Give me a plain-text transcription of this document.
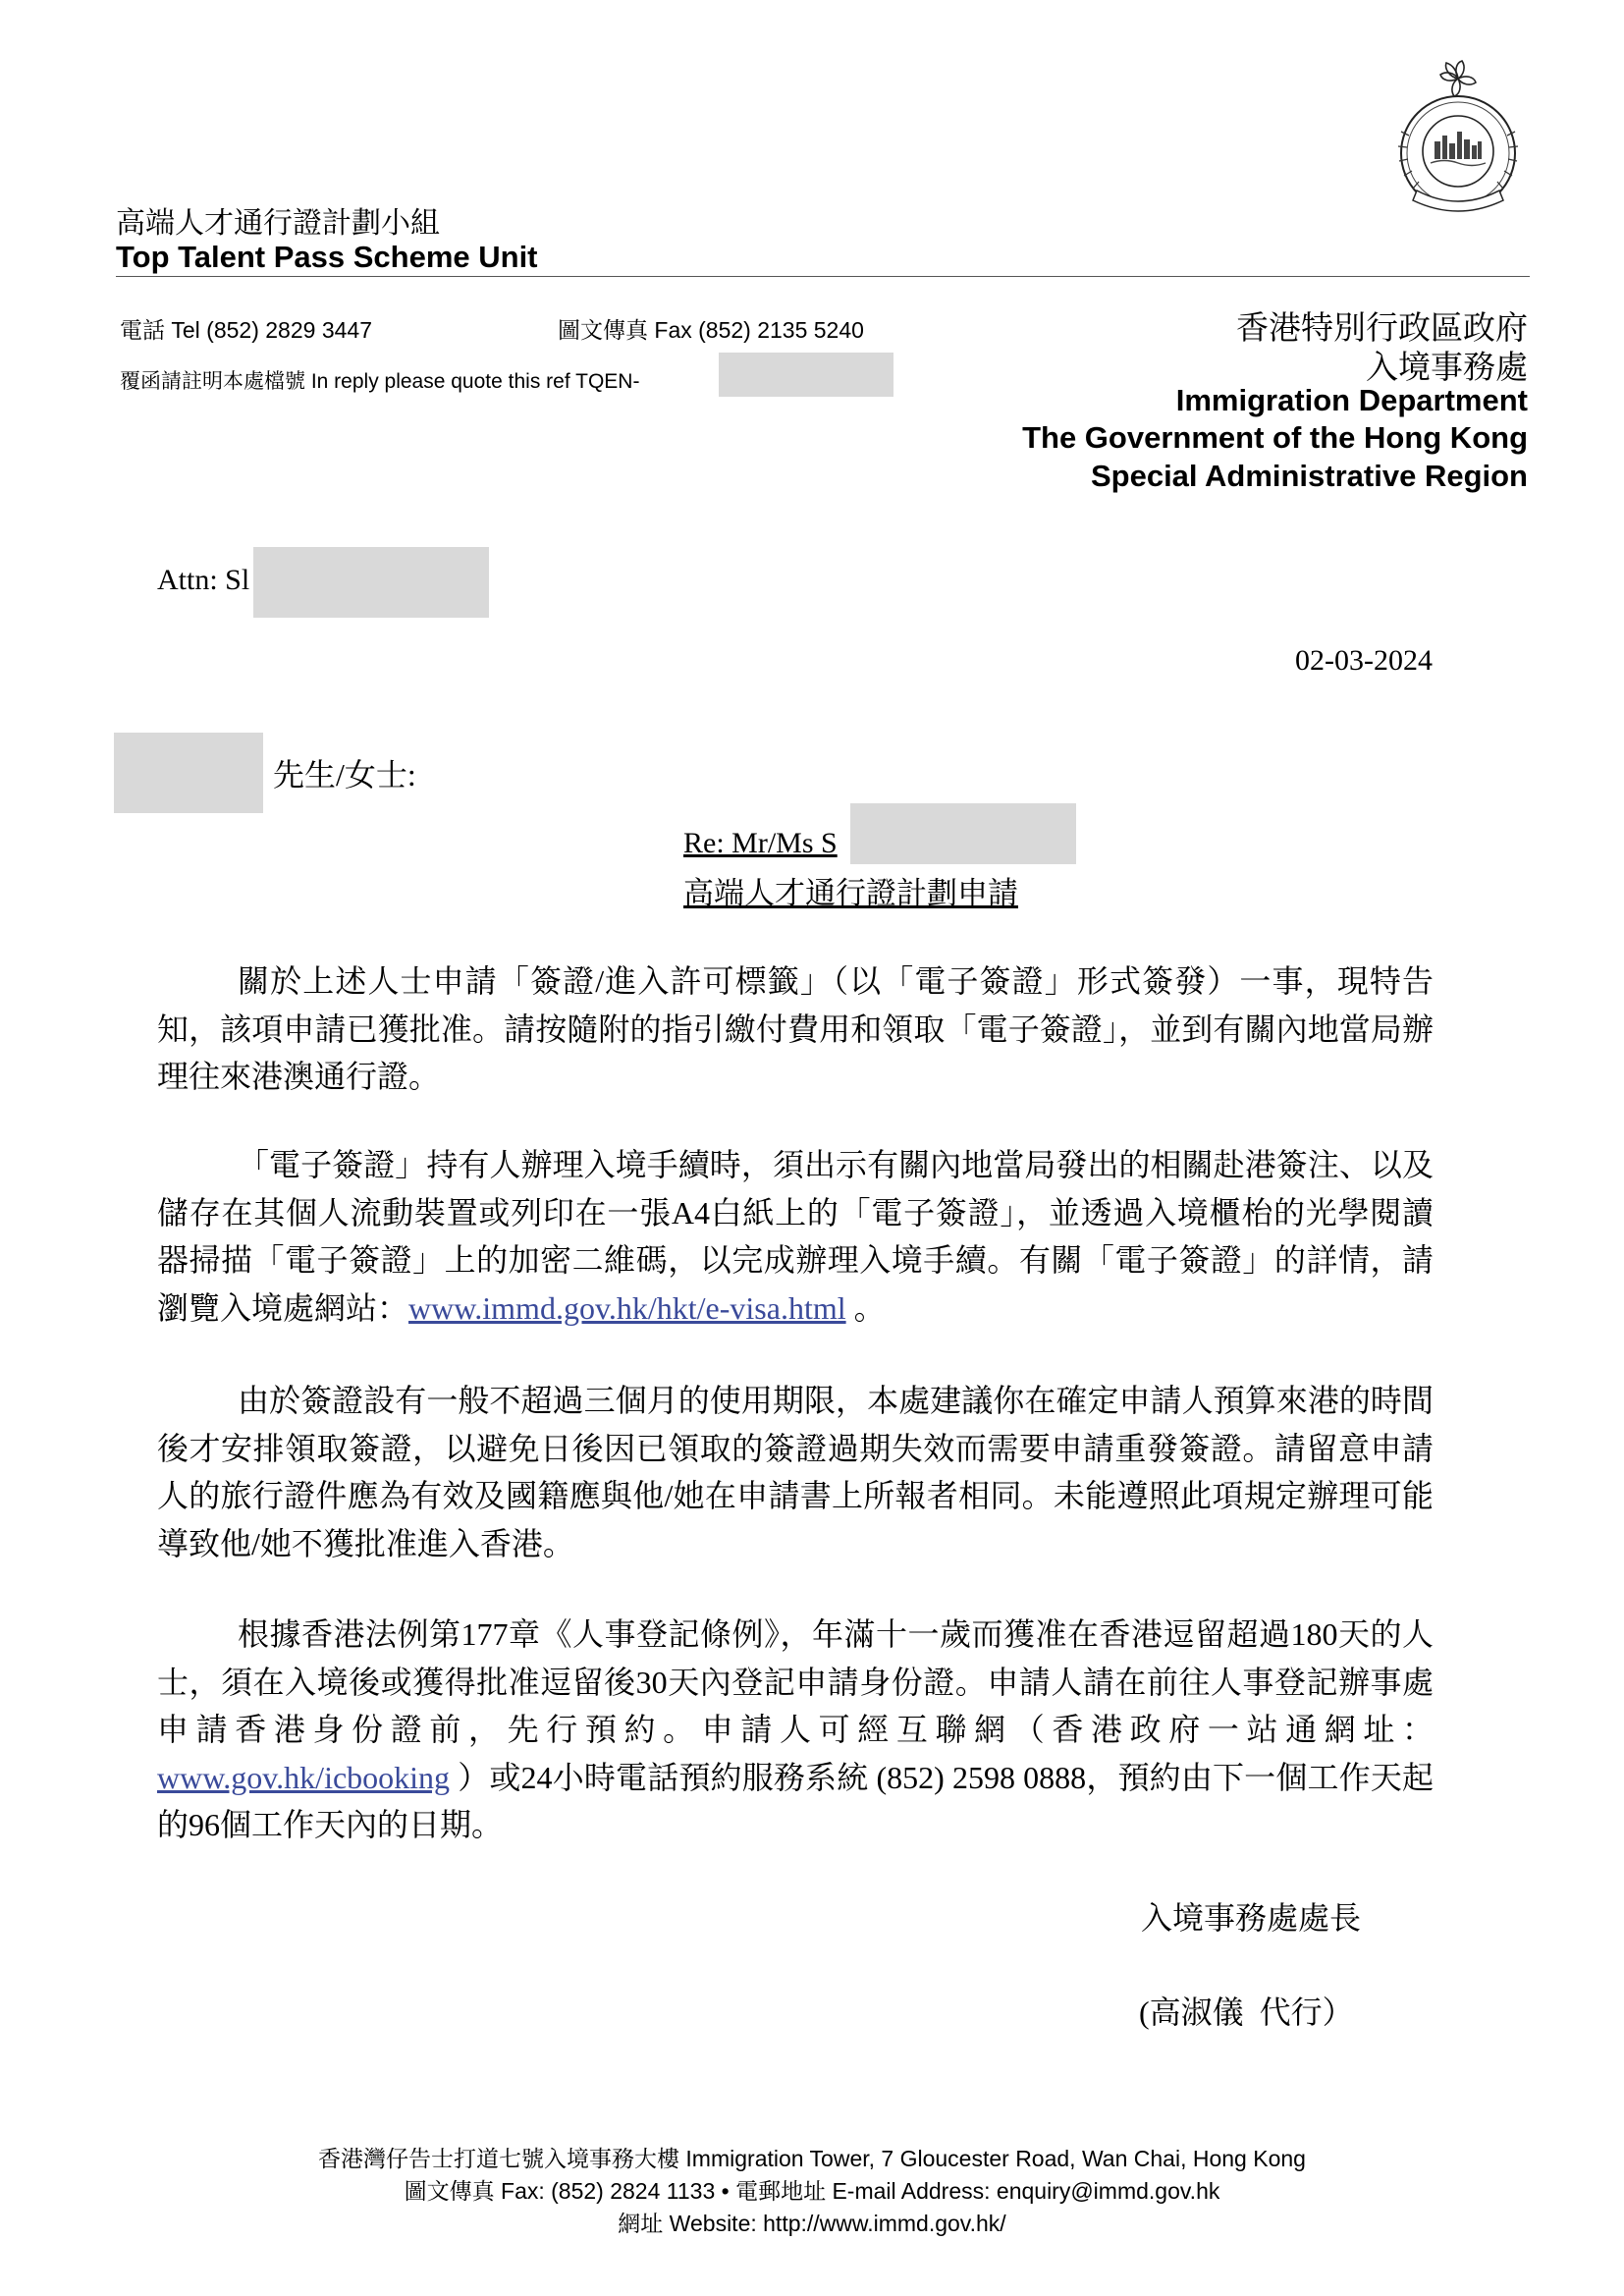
高端人才通行證計劃小組
Top Talent Pass Scheme Unit
電話 Tel (852) 2829 3447	圖文傳真 Fax (852) 2135 5240
覆函請註明本處檔號 In reply please quote this ref TQEN-
香港特別行政區政府
入境事務處
Immigration Department
The Government of the Hong Kong
Special Administrative Region
Attn: Sl
02-03-2024
先生/女士:
Re: Mr/Ms S
高端人才通行證計劃申請
關於上述人士申請「簽證/進入許可標籤」（以「電子簽證」形式簽發）一事，現特告知，該項申請已獲批准。請按隨附的指引繳付費用和領取「電子簽證」，並到有關內地當局辦理往來港澳通行證。
「電子簽證」持有人辦理入境手續時，須出示有關內地當局發出的相關赴港簽注、以及儲存在其個人流動裝置或列印在一張A4白紙上的「電子簽證」，並透過入境櫃枱的光學閱讀器掃描「電子簽證」上的加密二維碼，以完成辦理入境手續。有關「電子簽證」的詳情，請瀏覽入境處網站：www.immd.gov.hk/hkt/e-visa.html 。
由於簽證設有一般不超過三個月的使用期限，本處建議你在確定申請人預算來港的時間後才安排領取簽證，以避免日後因已領取的簽證過期失效而需要申請重發簽證。請留意申請人的旅行證件應為有效及國籍應與他/她在申請書上所報者相同。未能遵照此項規定辦理可能導致他/她不獲批准進入香港。
根據香港法例第177章《人事登記條例》，年滿十一歲而獲准在香港逗留超過180天的人士，須在入境後或獲得批准逗留後30天內登記申請身份證。申請人請在前往人事登記辦事處申請香港身份證前，先行預約。申請人可經互聯網（香港政府一站通網址：www.gov.hk/icbooking ）或24小時電話預約服務系統 (852) 2598 0888，預約由下一個工作天起的96個工作天內的日期。
入境事務處處長
(高淑儀  代行）
香港灣仔告士打道七號入境事務大樓 Immigration Tower, 7 Gloucester Road, Wan Chai, Hong Kong
圖文傳真 Fax: (852) 2824 1133 • 電郵地址 E-mail Address: enquiry@immd.gov.hk
網址 Website: http://www.immd.gov.hk/
